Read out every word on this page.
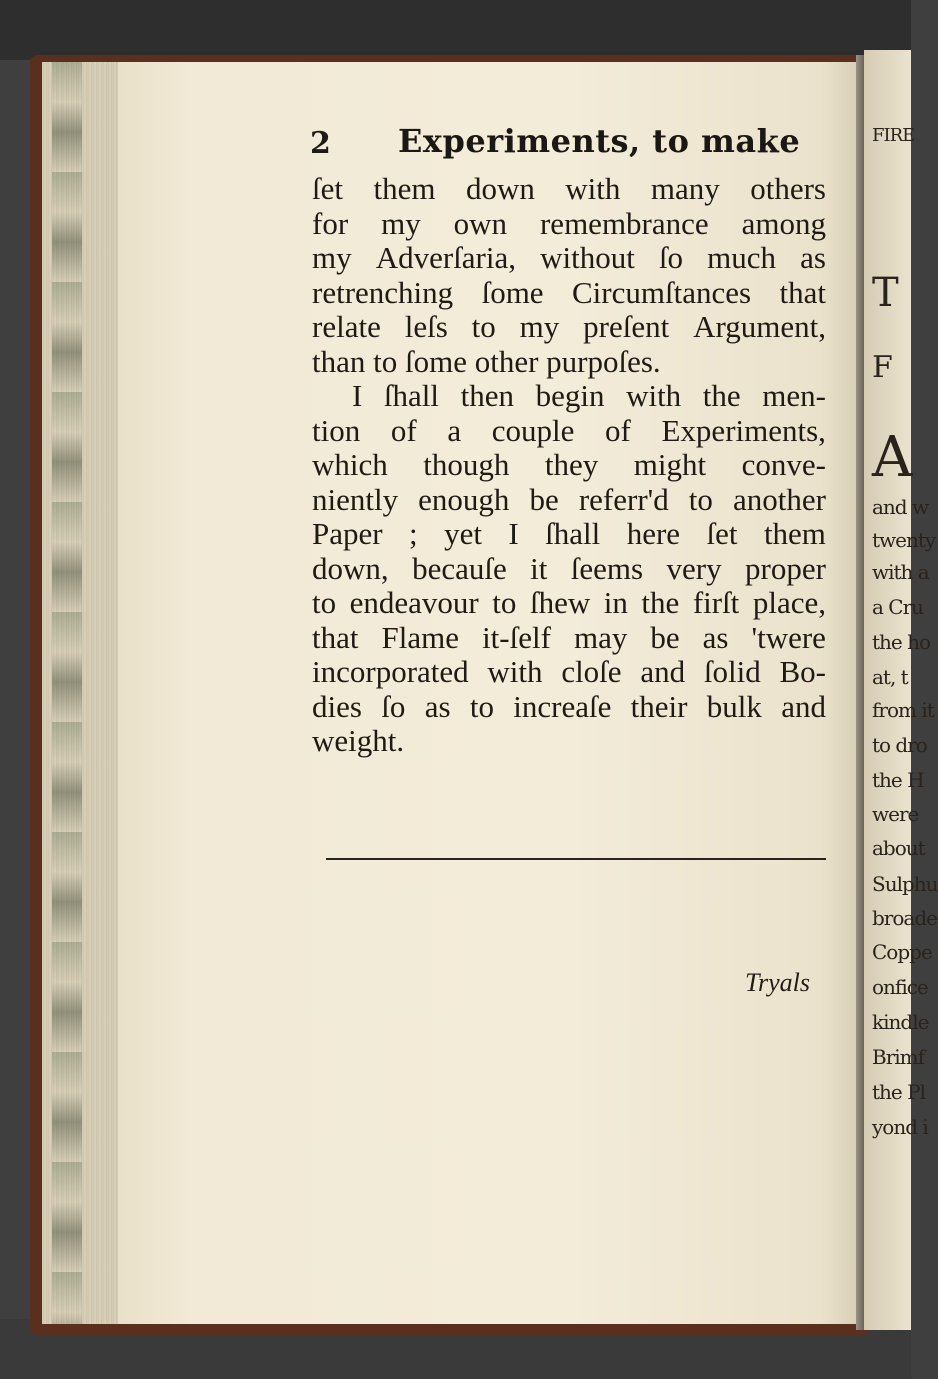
FIRE
T
F
A
and w
twenty
with a
a Cru
the ho
at, t
from it
to dro
the H
were
about
Sulphu
broade
Coppe
onfice
kindle
Brimf
the Pl
yond i
2 Experiments, to make
ſet them down with many others
for my own remembrance among
my Adverſaria, without ſo much as
retrenching ſome Circumſtances that
relate leſs to my preſent Argument,
than to ſome other purpoſes.
I ſhall then begin with the men-
tion of a couple of Experiments,
which though they might conve-
niently enough be referr'd to another
Paper ; yet I ſhall here ſet them
down, becauſe it ſeems very proper
to endeavour to ſhew in the firſt place,
that Flame it-ſelf may be as 'twere
incorporated with cloſe and ſolid Bo-
dies ſo as to increaſe their bulk and
weight.
Tryals
